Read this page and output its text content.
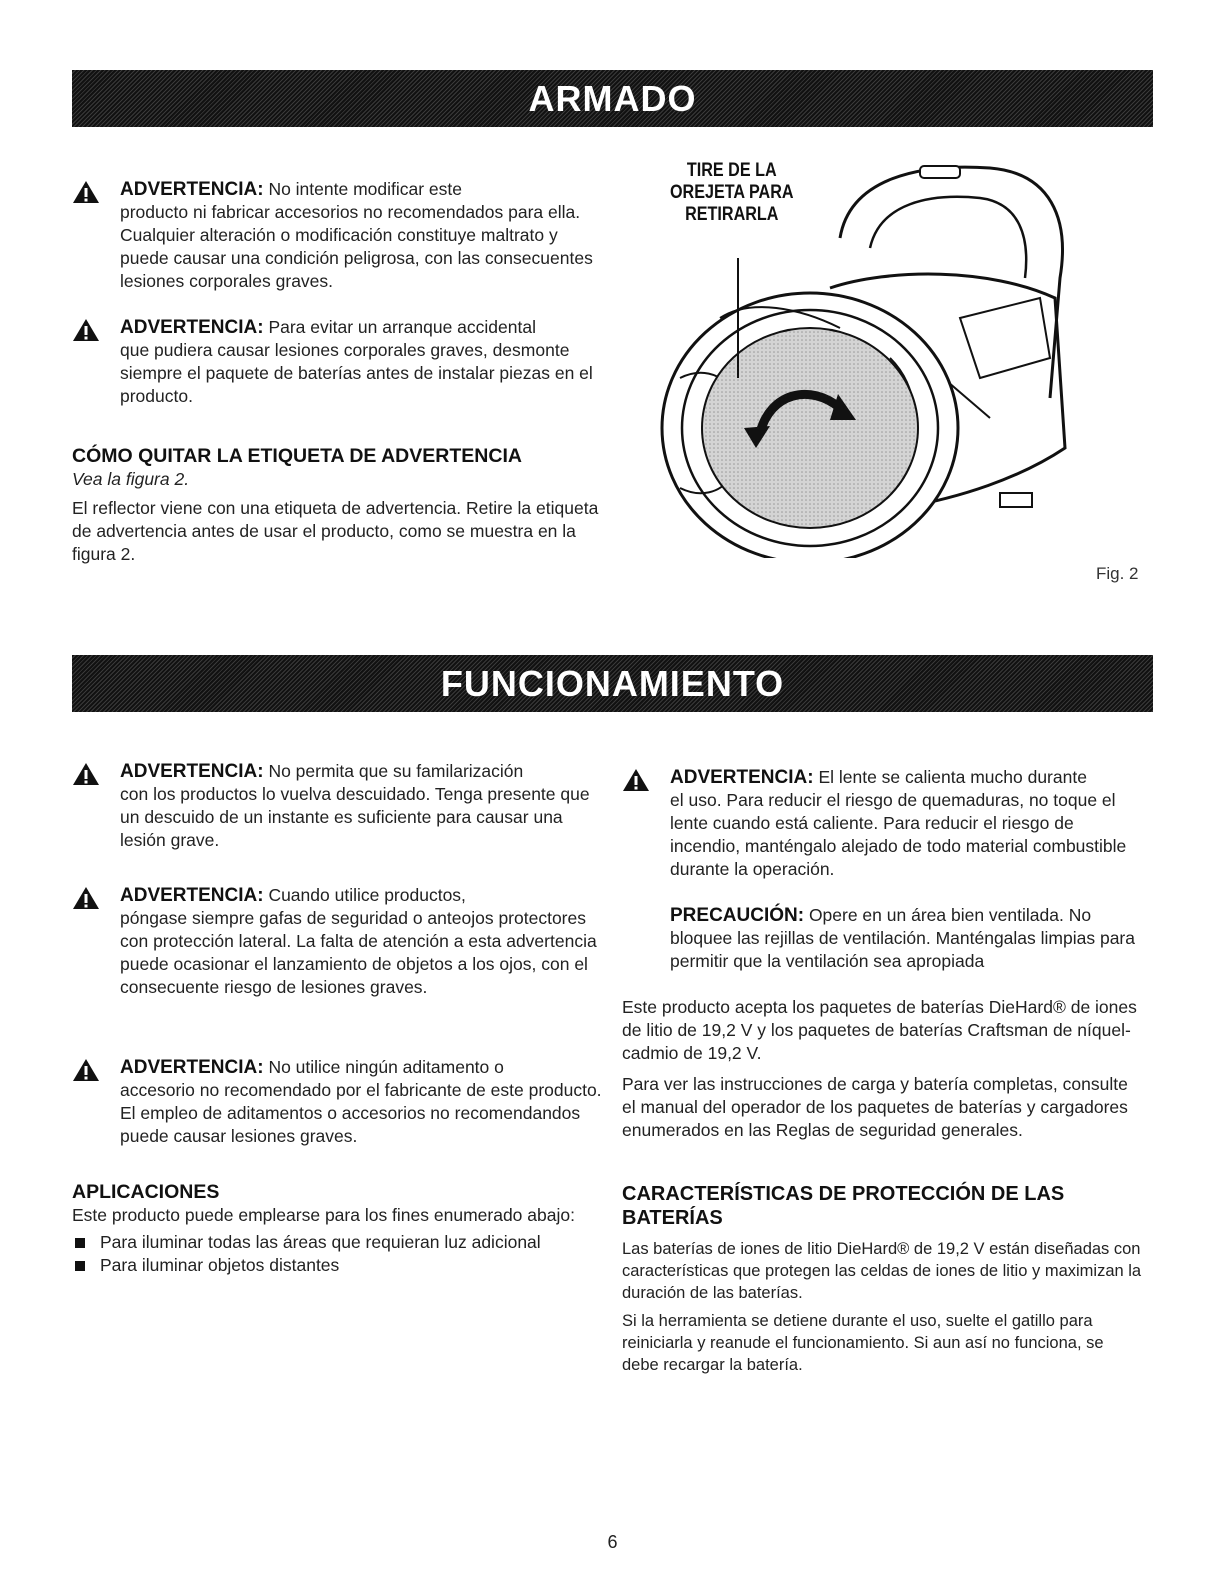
ARMADO
ADVERTENCIA: No intente modificar este
producto ni fabricar accesorios no recomendados para ella. Cualquier alteración o modificación constituye maltrato y puede causar una condición peligrosa, con las consecuentes lesiones corporales graves.
ADVERTENCIA: Para evitar un arranque accidental
que pudiera causar lesiones corporales graves, desmonte siempre el paquete de baterías antes de instalar piezas en el producto.
CÓMO QUITAR LA ETIQUETA DE ADVERTENCIA
Vea la figura 2.
El reflector viene con una etiqueta de advertencia. Retire la etiqueta de advertencia antes de usar el producto, como se muestra en la figura 2.
TIRE DE LA
OREJETA PARA
RETIRARLA
Fig. 2
FUNCIONAMIENTO
ADVERTENCIA: No permita que su familarización
con los productos lo vuelva descuidado. Tenga presente que un descuido de un instante es suficiente para causar una lesión grave.
ADVERTENCIA: Cuando utilice productos,
póngase siempre gafas de seguridad o anteojos protectores con protección lateral. La falta de atención a esta advertencia puede ocasionar el lanzamiento de objetos a los ojos, con el consecuente riesgo de lesiones graves.
ADVERTENCIA: No utilice ningún aditamento o
accesorio no recomendado por el fabricante de este producto. El empleo de aditamentos o accesorios no recomendandos puede causar lesiones graves.
APLICACIONES
Este producto puede emplearse para los fines enumerado abajo:
Para iluminar todas las áreas que requieran luz adicional
Para iluminar objetos distantes
ADVERTENCIA: El lente se calienta mucho durante
el uso. Para reducir el riesgo de quemaduras, no toque el lente cuando está caliente. Para reducir el riesgo de incendio, manténgalo alejado de todo material combustible durante la operación.
PRECAUCIÓN: Opere en un área bien ventilada. No bloquee las rejillas de ventilación. Manténgalas limpias para permitir que la ventilación sea apropiada
Este producto acepta los paquetes de baterías DieHard® de iones de litio de 19,2 V y los paquetes de baterías Craftsman de níquel-cadmio de 19,2 V.
Para ver las instrucciones de carga y batería completas, consulte el manual del operador de los paquetes de baterías y cargadores enumerados en las Reglas de seguridad generales.
CARACTERÍSTICAS DE PROTECCIÓN DE LAS BATERÍAS
Las baterías de iones de litio DieHard® de 19,2 V están diseñadas con características que protegen las celdas de iones de litio y maximizan la duración de las baterías.
Si la herramienta se detiene durante el uso, suelte el gatillo para reiniciarla y reanude el funcionamiento. Si aun así no funciona, se debe recargar la batería.
6
